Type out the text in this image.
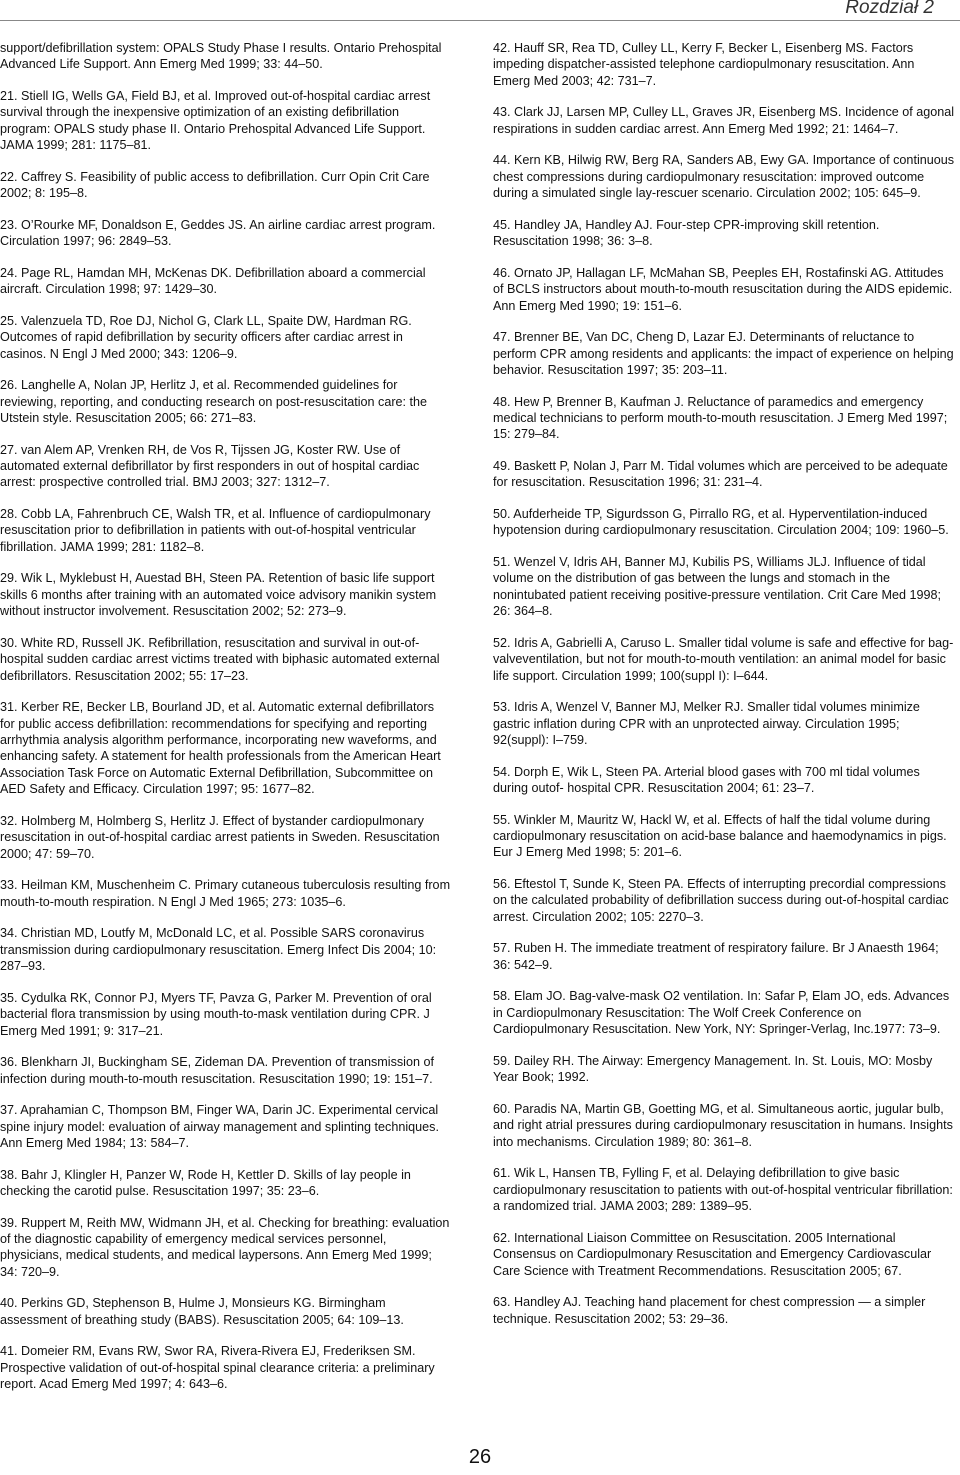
Rozdział 2

support/defibrillation system: OPALS Study Phase I results. Ontario Prehospital Advanced Life Support. Ann Emerg Med 1999; 33: 44–50.

21. Stiell IG, Wells GA, Field BJ, et al. Improved out-of-hospital cardiac arrest survival through the inexpensive optimization of an existing defibrillation program: OPALS study phase II. Ontario Prehospital Advanced Life Support. JAMA 1999; 281: 1175–81.

22. Caffrey S. Feasibility of public access to defibrillation. Curr Opin Crit Care 2002; 8: 195–8.

23. O’Rourke MF, Donaldson E, Geddes JS. An airline cardiac arrest program. Circulation 1997; 96: 2849–53.

24. Page RL, Hamdan MH, McKenas DK. Defibrillation aboard a commercial aircraft. Circulation 1998; 97: 1429–30.

25. Valenzuela TD, Roe DJ, Nichol G, Clark LL, Spaite DW, Hardman RG. Outcomes of rapid defibrillation by security officers after cardiac arrest in casinos. N Engl J Med 2000; 343: 1206–9.

26. Langhelle A, Nolan JP, Herlitz J, et al. Recommended guidelines for reviewing, reporting, and conducting research on post-resuscitation care: the Utstein style. Resuscitation 2005; 66: 271–83.

27. van Alem AP, Vrenken RH, de Vos R, Tijssen JG, Koster RW. Use of automated external defibrillator by first responders in out of hospital cardiac arrest: prospective controlled trial. BMJ 2003; 327: 1312–7.

28. Cobb LA, Fahrenbruch CE, Walsh TR, et al. Influence of cardiopulmonary resuscitation prior to defibrillation in patients with out-of-hospital ventricular fibrillation. JAMA 1999; 281: 1182–8.

29. Wik L, Myklebust H, Auestad BH, Steen PA. Retention of basic life support skills 6 months after training with an automated voice advisory manikin system without instructor involvement. Resuscitation 2002; 52: 273–9.

30. White RD, Russell JK. Refibrillation, resuscitation and survival in out-of-hospital sudden cardiac arrest victims treated with biphasic automated external defibrillators. Resuscitation 2002; 55: 17–23.

31. Kerber RE, Becker LB, Bourland JD, et al. Automatic external defibrillators for public access defibrillation: recommendations for specifying and reporting arrhythmia analysis algorithm performance, incorporating new waveforms, and enhancing safety. A statement for health professionals from the American Heart Association Task Force on Automatic External Defibrillation, Subcommittee on AED Safety and Efficacy. Circulation 1997; 95: 1677–82.

32. Holmberg M, Holmberg S, Herlitz J. Effect of bystander cardiopulmonary resuscitation in out-of-hospital cardiac arrest patients in Sweden. Resuscitation 2000; 47: 59–70.

33. Heilman KM, Muschenheim C. Primary cutaneous tuberculosis resulting from mouth-to-mouth respiration. N Engl J Med 1965; 273: 1035–6.

34. Christian MD, Loutfy M, McDonald LC, et al. Possible SARS coronavirus transmission during cardiopulmonary resuscitation. Emerg Infect Dis 2004; 10: 287–93.

35. Cydulka RK, Connor PJ, Myers TF, Pavza G, Parker M. Prevention of oral bacterial flora transmission by using mouth-to-mask ventilation during CPR. J Emerg Med 1991; 9: 317–21.

36. Blenkharn JI, Buckingham SE, Zideman DA. Prevention of transmission of infection during mouth-to-mouth resuscitation. Resuscitation 1990; 19: 151–7.

37. Aprahamian C, Thompson BM, Finger WA, Darin JC. Experimental cervical spine injury model: evaluation of airway management and splinting techniques. Ann Emerg Med 1984; 13: 584–7.

38. Bahr J, Klingler H, Panzer W, Rode H, Kettler D. Skills of lay people in checking the carotid pulse. Resuscitation 1997; 35: 23–6.

39. Ruppert M, Reith MW, Widmann JH, et al. Checking for breathing: evaluation of the diagnostic capability of emergency medical services personnel, physicians, medical students, and medical laypersons. Ann Emerg Med 1999; 34: 720–9.

40. Perkins GD, Stephenson B, Hulme J, Monsieurs KG. Birmingham assessment of breathing study (BABS). Resuscitation 2005; 64: 109–13.

41. Domeier RM, Evans RW, Swor RA, Rivera-Rivera EJ, Frederiksen SM. Prospective validation of out-of-hospital spinal clearance criteria: a preliminary report. Acad Emerg Med 1997; 4: 643–6.

42. Hauff SR, Rea TD, Culley LL, Kerry F, Becker L, Eisenberg MS. Factors impeding dispatcher-assisted telephone cardiopulmonary resuscitation. Ann Emerg Med 2003; 42: 731–7.

43. Clark JJ, Larsen MP, Culley LL, Graves JR, Eisenberg MS. Incidence of agonal respirations in sudden cardiac arrest. Ann Emerg Med 1992; 21: 1464–7.

44. Kern KB, Hilwig RW, Berg RA, Sanders AB, Ewy GA. Importance of continuous chest compressions during cardiopulmonary resuscitation: improved outcome during a simulated single lay-rescuer scenario. Circulation 2002; 105: 645–9.

45. Handley JA, Handley AJ. Four-step CPR-improving skill retention. Resuscitation 1998; 36: 3–8.

46. Ornato JP, Hallagan LF, McMahan SB, Peeples EH, Rostafinski AG. Attitudes of BCLS instructors about mouth-to-mouth resuscitation during the AIDS epidemic. Ann Emerg Med 1990; 19: 151–6.

47. Brenner BE, Van DC, Cheng D, Lazar EJ. Determinants of reluctance to perform CPR among residents and applicants: the impact of experience on helping behavior. Resuscitation 1997; 35: 203–11.

48. Hew P, Brenner B, Kaufman J. Reluctance of paramedics and emergency medical technicians to perform mouth-to-mouth resuscitation. J Emerg Med 1997; 15: 279–84.

49. Baskett P, Nolan J, Parr M. Tidal volumes which are perceived to be adequate for resuscitation. Resuscitation 1996; 31: 231–4.

50. Aufderheide TP, Sigurdsson G, Pirrallo RG, et al. Hyperventilation-induced hypotension during cardiopulmonary resuscitation. Circulation 2004; 109: 1960–5.

51. Wenzel V, Idris AH, Banner MJ, Kubilis PS, Williams JLJ. Influence of tidal volume on the distribution of gas between the lungs and stomach in the nonintubated patient receiving positive-pressure ventilation. Crit Care Med 1998; 26: 364–8.

52. Idris A, Gabrielli A, Caruso L. Smaller tidal volume is safe and effective for bag-valveventilation, but not for mouth-to-mouth ventilation: an animal model for basic life support. Circulation 1999; 100(suppl I): I–644.

53. Idris A, Wenzel V, Banner MJ, Melker RJ. Smaller tidal volumes minimize gastric inflation during CPR with an unprotected airway. Circulation 1995; 92(suppl): I–759.

54. Dorph E, Wik L, Steen PA. Arterial blood gases with 700 ml tidal volumes during outof- hospital CPR. Resuscitation 2004; 61: 23–7.

55. Winkler M, Mauritz W, Hackl W, et al. Effects of half the tidal volume during cardiopulmonary resuscitation on acid-base balance and haemodynamics in pigs. Eur J Emerg Med 1998; 5: 201–6.

56. Eftestol T, Sunde K, Steen PA. Effects of interrupting precordial compressions on the calculated probability of defibrillation success during out-of-hospital cardiac arrest. Circulation 2002; 105: 2270–3.

57. Ruben H. The immediate treatment of respiratory failure. Br J Anaesth 1964; 36: 542–9.

58. Elam JO. Bag-valve-mask O2 ventilation. In: Safar P, Elam JO, eds. Advances in Cardiopulmonary Resuscitation: The Wolf Creek Conference on Cardiopulmonary Resuscitation. New York, NY: Springer-Verlag, Inc.1977: 73–9.

59. Dailey RH. The Airway: Emergency Management. In. St. Louis, MO: Mosby Year Book; 1992.

60. Paradis NA, Martin GB, Goetting MG, et al. Simultaneous aortic, jugular bulb, and right atrial pressures during cardiopulmonary resuscitation in humans. Insights into mechanisms. Circulation 1989; 80: 361–8.

61. Wik L, Hansen TB, Fylling F, et al. Delaying defibrillation to give basic cardiopulmonary resuscitation to patients with out-of-hospital ventricular fibrillation: a randomized trial. JAMA 2003; 289: 1389–95.

62. International Liaison Committee on Resuscitation. 2005 International Consensus on Cardiopulmonary Resuscitation and Emergency Cardiovascular Care Science with Treatment Recommendations. Resuscitation 2005; 67.

63. Handley AJ. Teaching hand placement for chest compression — a simpler technique. Resuscitation 2002; 53: 29–36.

26
